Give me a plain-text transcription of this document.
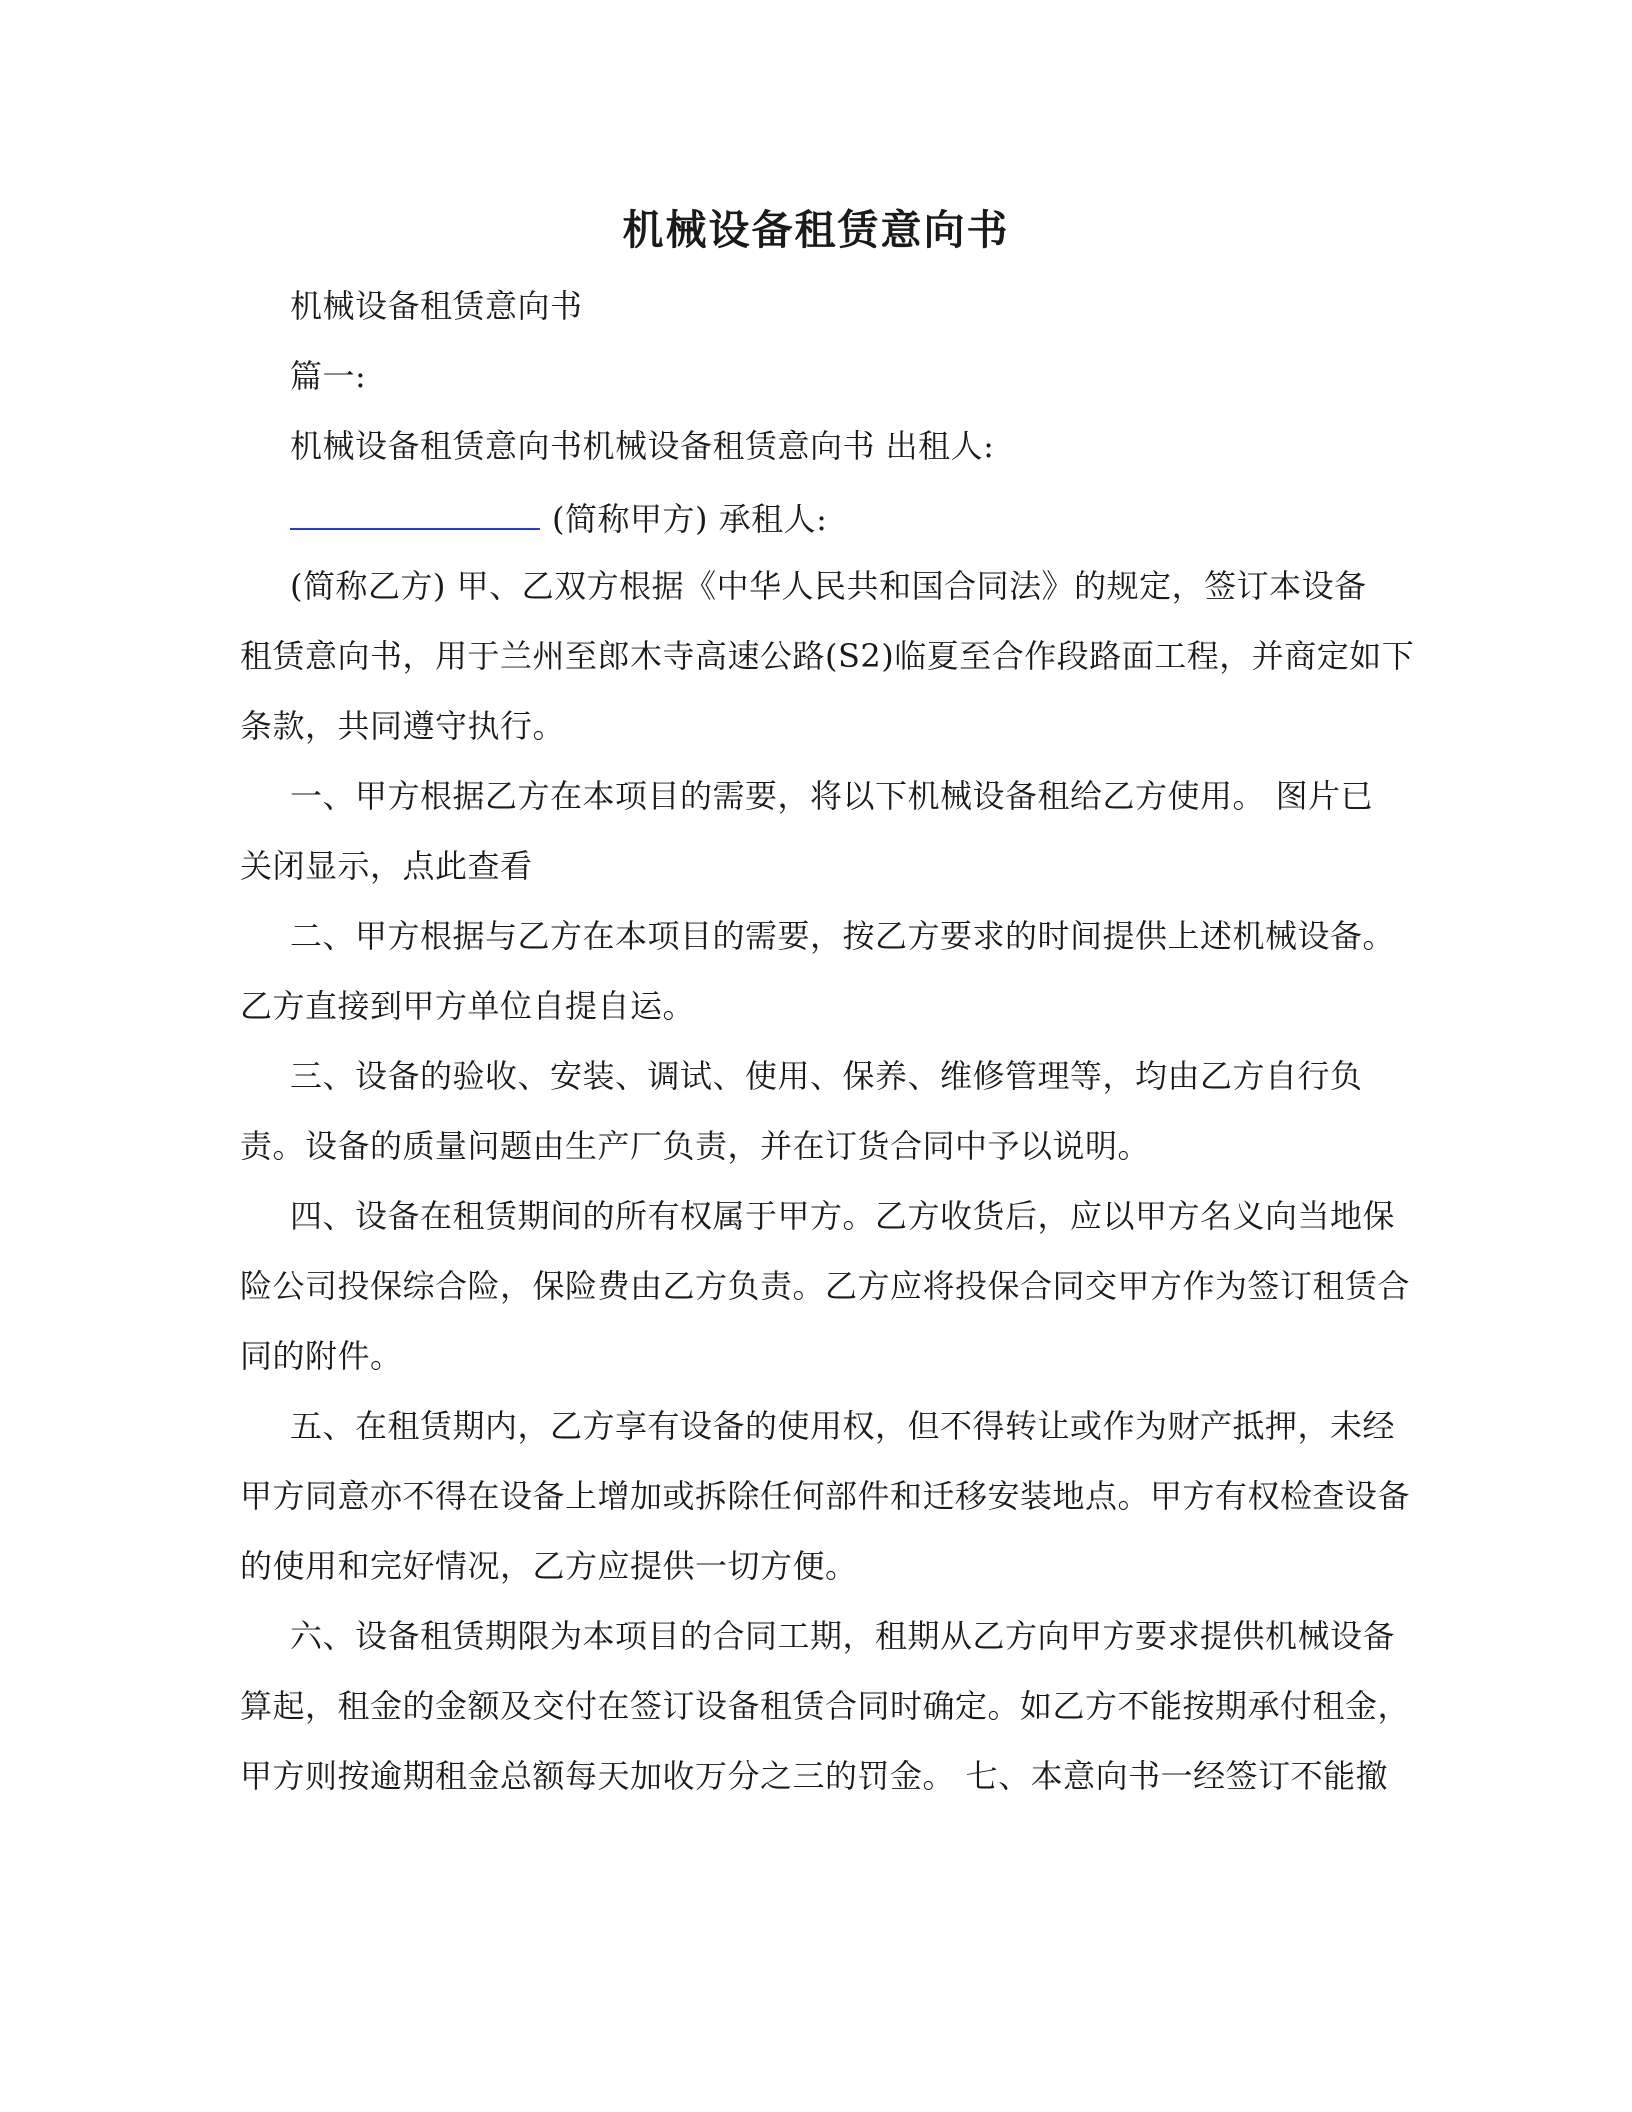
机械设备租赁意向书
机械设备租赁意向书
篇一:
机械设备租赁意向书机械设备租赁意向书 出租人:
(简称甲方) 承租人:
(简称乙方) 甲、乙双方根据《中华人民共和国合同法》的规定，签订本设备
租赁意向书，用于兰州至郎木寺高速公路(S2)临夏至合作段路面工程，并商定如下
条款，共同遵守执行。
一、甲方根据乙方在本项目的需要，将以下机械设备租给乙方使用。 图片已
关闭显示，点此查看
二、甲方根据与乙方在本项目的需要，按乙方要求的时间提供上述机械设备。
乙方直接到甲方单位自提自运。
三、设备的验收、安装、调试、使用、保养、维修管理等，均由乙方自行负
责。设备的质量问题由生产厂负责，并在订货合同中予以说明。
四、设备在租赁期间的所有权属于甲方。乙方收货后，应以甲方名义向当地保
险公司投保综合险，保险费由乙方负责。乙方应将投保合同交甲方作为签订租赁合
同的附件。
五、在租赁期内，乙方享有设备的使用权，但不得转让或作为财产抵押，未经
甲方同意亦不得在设备上增加或拆除任何部件和迁移安装地点。甲方有权检查设备
的使用和完好情况，乙方应提供一切方便。
六、设备租赁期限为本项目的合同工期，租期从乙方向甲方要求提供机械设备
算起，租金的金额及交付在签订设备租赁合同时确定。如乙方不能按期承付租金，
甲方则按逾期租金总额每天加收万分之三的罚金。 七、本意向书一经签订不能撤
